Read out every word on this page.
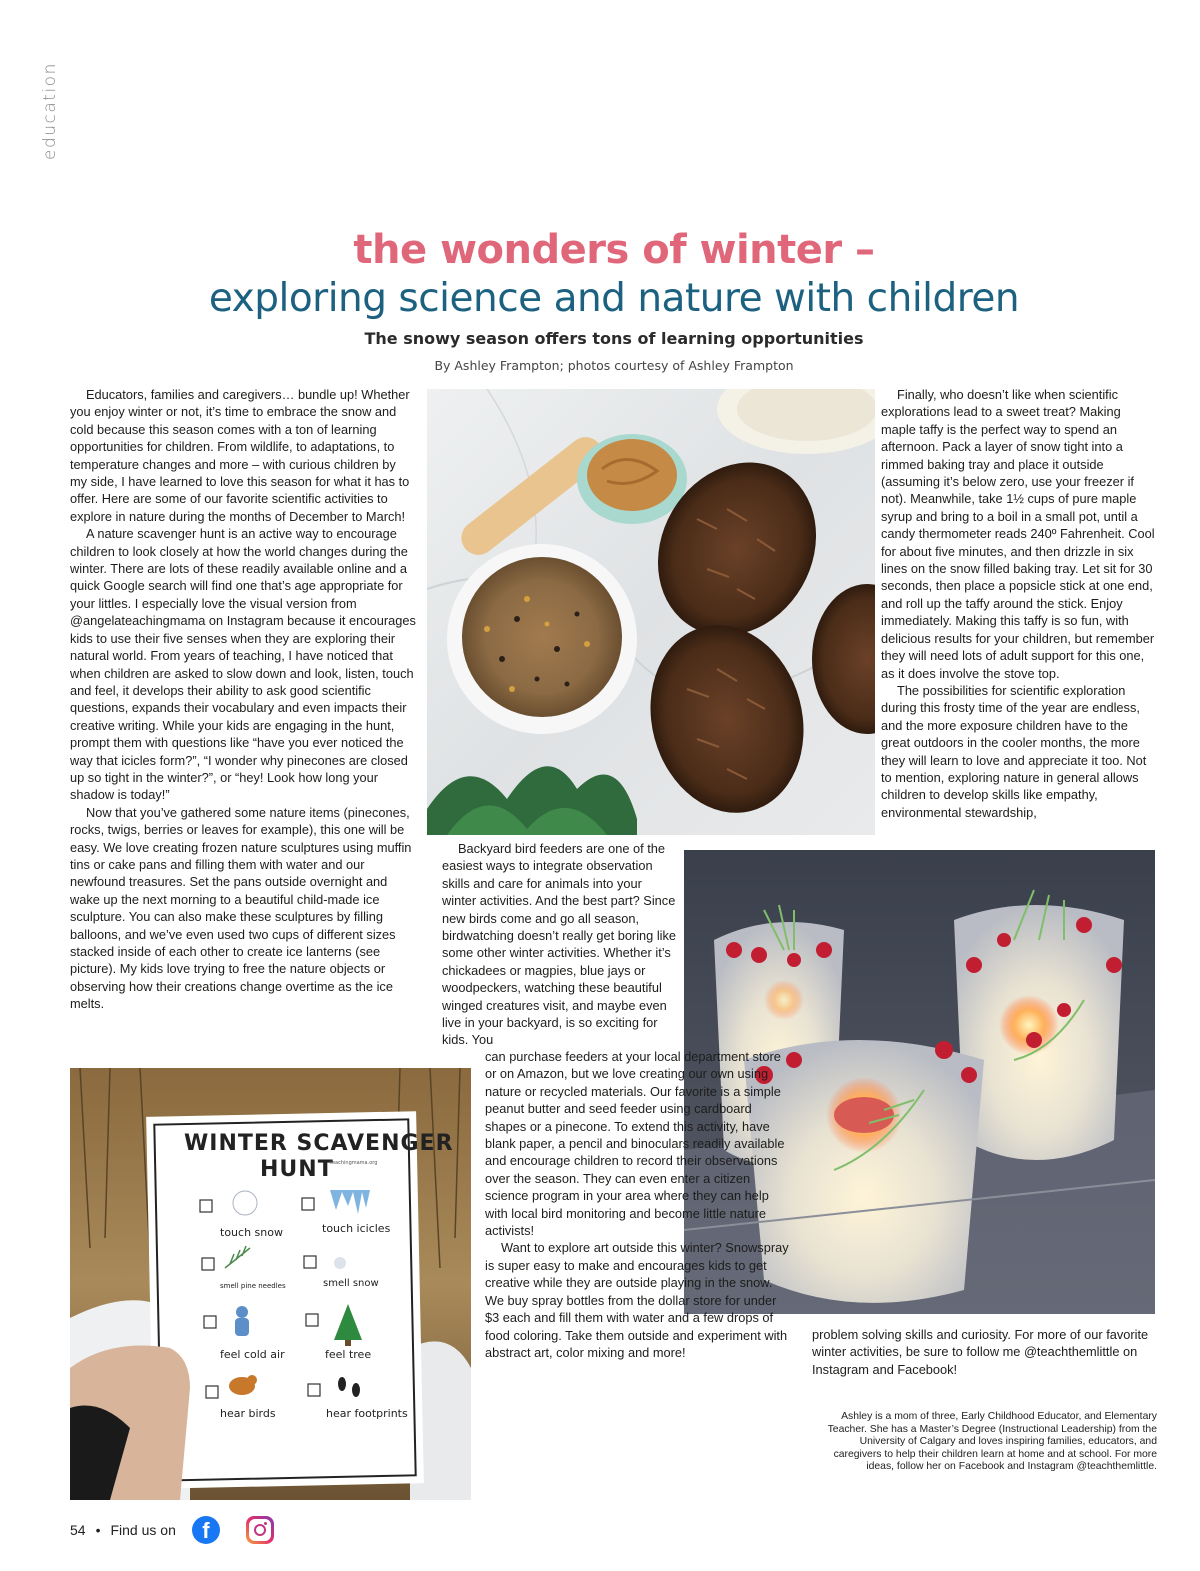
education
the wonders of winter –
exploring science and nature with children
The snowy season offers tons of learning opportunities
By Ashley Frampton; photos courtesy of Ashley Frampton

Educators, families and caregivers… bundle up! Whether you enjoy winter or not, it’s time to embrace the snow and cold because this season comes with a ton of learning opportunities for children. From wildlife, to adaptations, to temperature changes and more – with curious children by my side, I have learned to love this season for what it has to offer. Here are some of our favorite scientific activities to explore in nature during the months of December to March!

A nature scavenger hunt is an active way to encourage children to look closely at how the world changes during the winter. There are lots of these readily available online and a quick Google search will find one that’s age appropriate for your littles. I especially love the visual version from @angelateachingmama on Instagram because it encourages kids to use their five senses when they are exploring their natural world. From years of teaching, I have noticed that when children are asked to slow down and look, listen, touch and feel, it develops their ability to ask good scientific questions, expands their vocabulary and even impacts their creative writing. While your kids are engaging in the hunt, prompt them with questions like “have you ever noticed the way that icicles form?”, “I wonder why pinecones are closed up so tight in the winter?”, or “hey! Look how long your shadow is today!”

Now that you’ve gathered some nature items (pinecones, rocks, twigs, berries or leaves for example), this one will be easy. We love creating frozen nature sculptures using muffin tins or cake pans and filling them with water and our newfound treasures. Set the pans outside overnight and wake up the next morning to a beautiful child-made ice sculpture. You can also make these sculptures by filling balloons, and we’ve even used two cups of different sizes stacked inside of each other to create ice lanterns (see picture). My kids love trying to free the nature objects or observing how their creations change overtime as the ice melts.

Finally, who doesn’t like when scientific explorations lead to a sweet treat? Making maple taffy is the perfect way to spend an afternoon. Pack a layer of snow tight into a rimmed baking tray and place it outside (assuming it’s below zero, use your freezer if not). Meanwhile, take 1½ cups of pure maple syrup and bring to a boil in a small pot, until a candy thermometer reads 240º Fahrenheit. Cool for about five minutes, and then drizzle in six lines on the snow filled baking tray. Let sit for 30 seconds, then place a popsicle stick at one end, and roll up the taffy around the stick. Enjoy immediately. Making this taffy is so fun, with delicious results for your children, but remember they will need lots of adult support for this one, as it does involve the stove top.

The possibilities for scientific exploration during this frosty time of the year are endless, and the more exposure children have to the great outdoors in the cooler months, the more they will learn to love and appreciate it too. Not to mention, exploring nature in general allows children to develop skills like empathy, environmental stewardship,

Backyard bird feeders are one of the easiest ways to integrate observation skills and care for animals into your winter activities. And the best part? Since new birds come and go all season, birdwatching doesn’t really get boring like some other winter activities. Whether it’s chickadees or magpies, blue jays or woodpeckers, watching these beautiful winged creatures visit, and maybe even live in your backyard, is so exciting for kids. You

WINTER SCAVENGER
HUNT
teachingmama.org
touch snow	touch icicles
smell pine needles	smell snow
feel cold air	feel tree
hear birds	hear footprints

can purchase feeders at your local department store or on Amazon, but we love creating our own using nature or recycled materials. Our favorite is a simple peanut butter and seed feeder using cardboard shapes or a pinecone. To extend this activity, have blank paper, a pencil and binoculars readily available and encourage children to record their observations over the season. They can even enter a citizen science program in your area where they can help with local bird monitoring and become little nature activists!

Want to explore art outside this winter? Snowspray is super easy to make and encourages kids to get creative while they are outside playing in the snow. We buy spray bottles from the dollar store for under $3 each and fill them with water and a few drops of food coloring. Take them outside and experiment with abstract art, color mixing and more!

problem solving skills and curiosity. For more of our favorite winter activities, be sure to follow me @teachthemlittle on Instagram and Facebook!

Ashley is a mom of three, Early Childhood Educator, and Elementary Teacher. She has a Master’s Degree (Instructional Leadership) from the University of Calgary and loves inspiring families, educators, and caregivers to help their children learn at home and at school. For more ideas, follow her on Facebook and Instagram @teachthemlittle.
54 • Find us on	f
